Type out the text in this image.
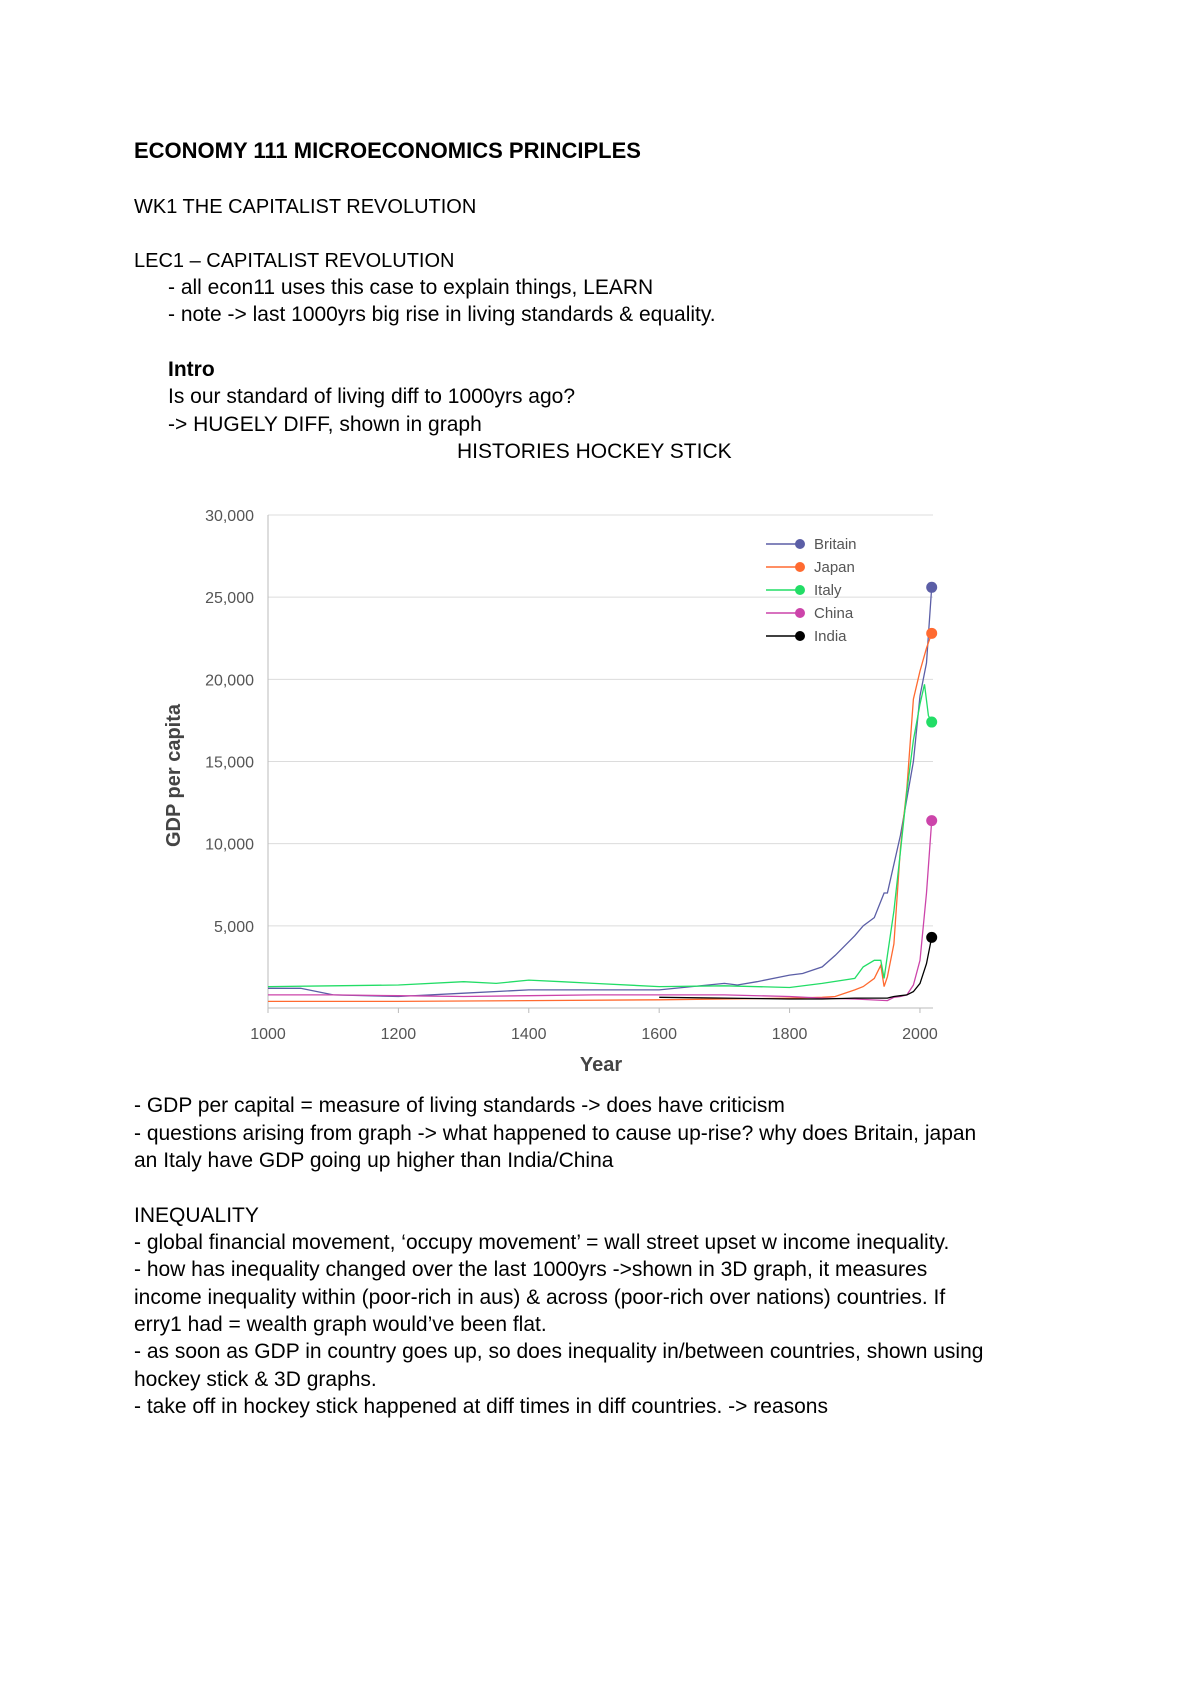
ECONOMY 111 MICROECONOMICS PRINCIPLES
WK1 THE CAPITALIST REVOLUTION
LEC1 – CAPITALIST REVOLUTION
- all econ11 uses this case to explain things, LEARN
- note -> last 1000yrs big rise in living standards & equality.
Intro
Is our standard of living diff to 1000yrs ago?
-> HUGELY DIFF, shown in graph
HISTORIES HOCKEY STICK
5,000
10,000
15,000
20,000
25,000
30,000
1000	1200	1400	1600	1800	2000
Year
GDP per capita
Britain
Japan
Italy
China
India
- GDP per capital = measure of living standards -> does have criticism
- questions arising from graph -> what happened to cause up-rise? why does Britain, japan
an Italy have GDP going up higher than India/China
INEQUALITY
- global financial movement, ‘occupy movement’ = wall street upset w income inequality.
- how has inequality changed over the last 1000yrs ->shown in 3D graph, it measures
income inequality within (poor-rich in aus) & across (poor-rich over nations) countries. If
erry1 had = wealth graph would’ve been flat.
- as soon as GDP in country goes up, so does inequality in/between countries, shown using
hockey stick & 3D graphs.
- take off in hockey stick happened at diff times in diff countries. -> reasons
